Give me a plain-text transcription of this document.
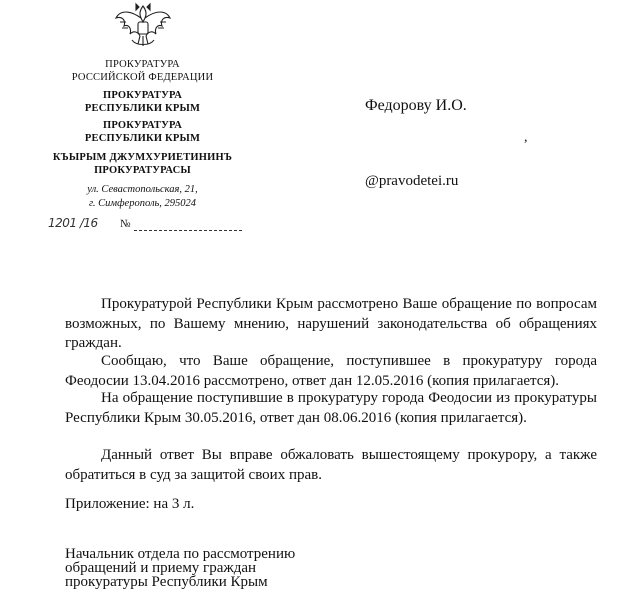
ПРОКУРАТУРА
РОССИЙСКОЙ ФЕДЕРАЦИИ
ПРОКУРАТУРА
РЕСПУБЛИКИ КРЫМ
ПРОКУРАТУРА
РЕСПУБЛИКИ КРЫМ
КЪЫРЫМ ДЖУМХУРИЕТИНИНЪ
ПРОКУРАТУРАСЫ
ул. Севастопольская, 21,
г. Симферополь, 295024
1201 /16 №
Федорову И.О.
,
@pravodetei.ru
Прокуратурой Республики Крым рассмотрено Ваше обращение по вопросам возможных, по Вашему мнению, нарушений законодательства об обращениях граждан.
Сообщаю, что Ваше обращение, поступившее в прокуратуру города Феодосии 13.04.2016 рассмотрено, ответ дан 12.05.2016 (копия прилагается).
На обращение поступившие в прокуратуру города Феодосии из прокуратуры Республики Крым 30.05.2016, ответ дан 08.06.2016 (копия прилагается).
Данный ответ Вы вправе обжаловать вышестоящему прокурору, а также обратиться в суд за защитой своих прав.
Приложение: на 3 л.
Начальник отдела по рассмотрению
обращений и приему граждан
прокуратуры Республики Крым
